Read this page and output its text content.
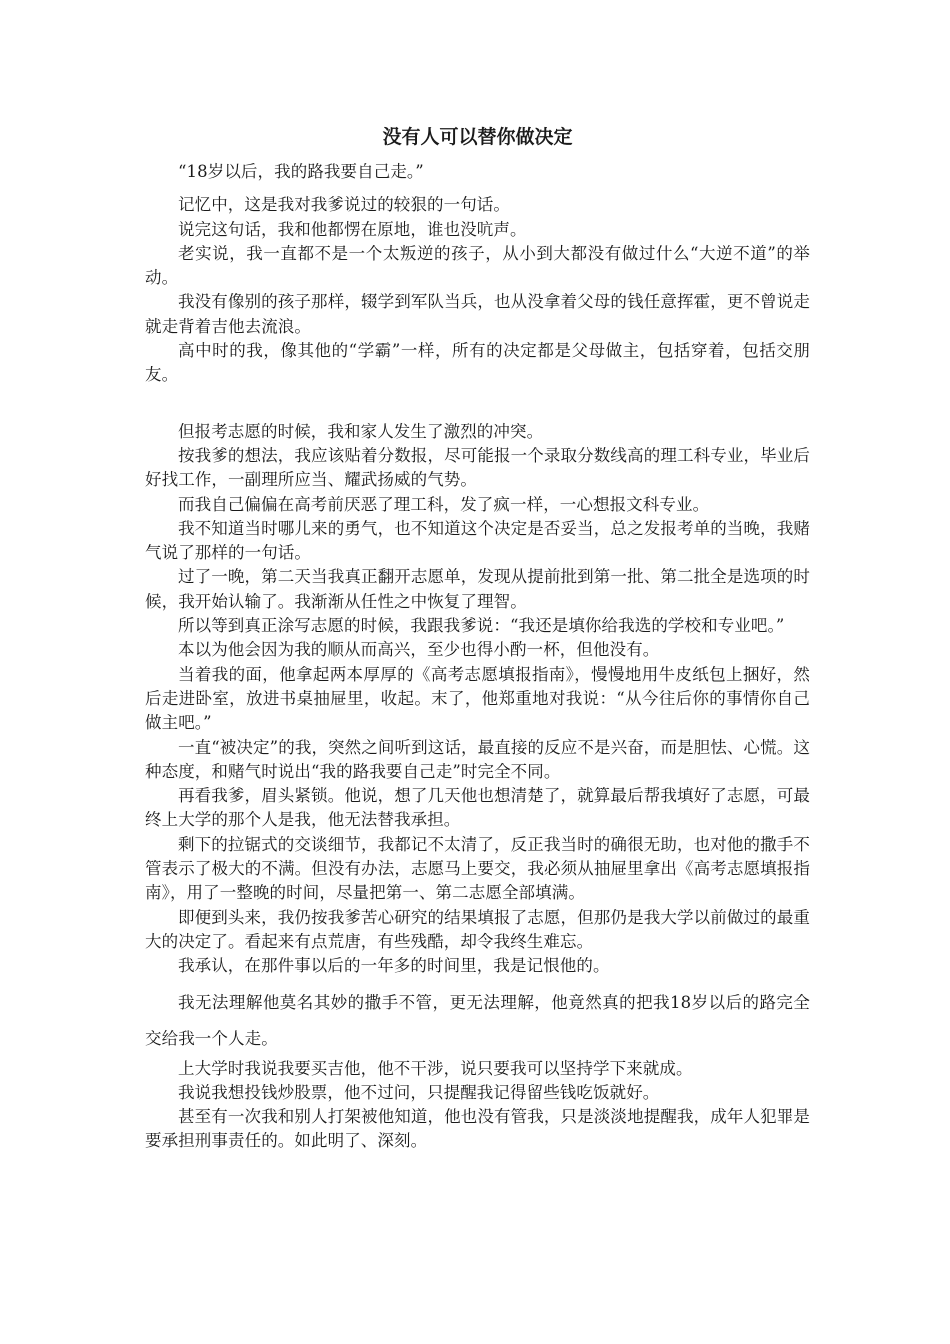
没有人可以替你做决定

“18岁以后，我的路我要自己走。”

记忆中，这是我对我爹说过的较狠的一句话。

说完这句话，我和他都愣在原地，谁也没吭声。

老实说，我一直都不是一个太叛逆的孩子，从小到大都没有做过什么“大逆不道”的举动。

我没有像别的孩子那样，辍学到军队当兵，也从没拿着父母的钱任意挥霍，更不曾说走就走背着吉他去流浪。

高中时的我，像其他的“学霸”一样，所有的决定都是父母做主，包括穿着，包括交朋友。

但报考志愿的时候，我和家人发生了激烈的冲突。

按我爹的想法，我应该贴着分数报，尽可能报一个录取分数线高的理工科专业，毕业后好找工作，一副理所应当、耀武扬威的气势。

而我自己偏偏在高考前厌恶了理工科，发了疯一样，一心想报文科专业。

我不知道当时哪儿来的勇气，也不知道这个决定是否妥当，总之发报考单的当晚，我赌气说了那样的一句话。

过了一晚，第二天当我真正翻开志愿单，发现从提前批到第一批、第二批全是选项的时候，我开始认输了。我渐渐从任性之中恢复了理智。

所以等到真正涂写志愿的时候，我跟我爹说：“我还是填你给我选的学校和专业吧。”

本以为他会因为我的顺从而高兴，至少也得小酌一杯，但他没有。

当着我的面，他拿起两本厚厚的《高考志愿填报指南》，慢慢地用牛皮纸包上捆好，然后走进卧室，放进书桌抽屉里，收起。末了，他郑重地对我说：“从今往后你的事情你自己做主吧。”

一直“被决定”的我，突然之间听到这话，最直接的反应不是兴奋，而是胆怯、心慌。这种态度，和赌气时说出“我的路我要自己走”时完全不同。

再看我爹，眉头紧锁。他说，想了几天他也想清楚了，就算最后帮我填好了志愿，可最终上大学的那个人是我，他无法替我承担。

剩下的拉锯式的交谈细节，我都记不太清了，反正我当时的确很无助，也对他的撒手不管表示了极大的不满。但没有办法，志愿马上要交，我必须从抽屉里拿出《高考志愿填报指南》，用了一整晚的时间，尽量把第一、第二志愿全部填满。

即便到头来，我仍按我爹苦心研究的结果填报了志愿，但那仍是我大学以前做过的最重大的决定了。看起来有点荒唐，有些残酷，却令我终生难忘。

我承认，在那件事以后的一年多的时间里，我是记恨他的。

我无法理解他莫名其妙的撒手不管，更无法理解，他竟然真的把我18岁以后的路完全交给我一个人走。

上大学时我说我要买吉他，他不干涉，说只要我可以坚持学下来就成。

我说我想投钱炒股票，他不过问，只提醒我记得留些钱吃饭就好。

甚至有一次我和别人打架被他知道，他也没有管我，只是淡淡地提醒我，成年人犯罪是要承担刑事责任的。如此明了、深刻。
